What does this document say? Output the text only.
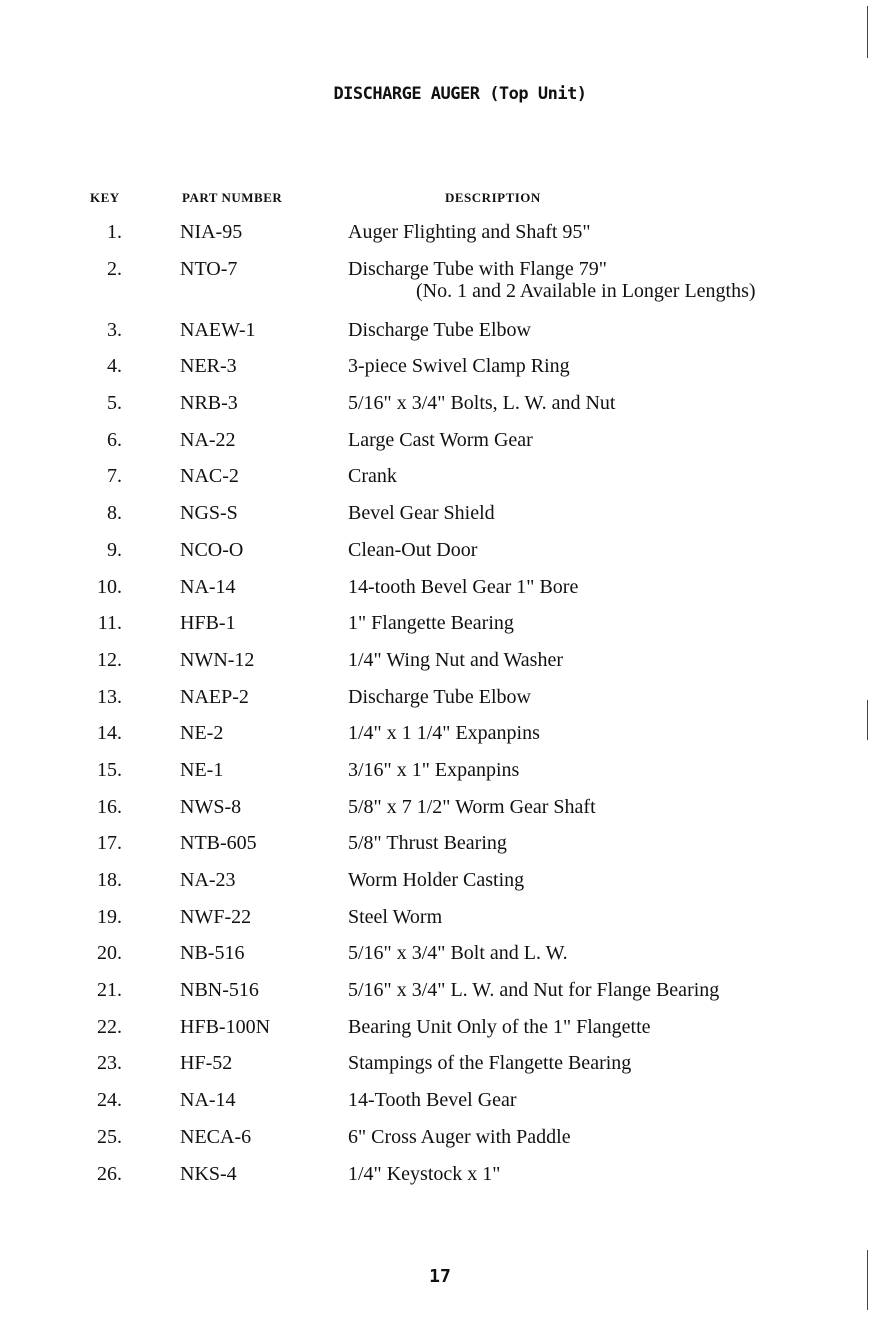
DISCHARGE AUGER (Top Unit)
KEY	PART NUMBER	DESCRIPTION
1.	NIA-95	Auger Flighting and Shaft 95"
2.	NTO-7	Discharge Tube with Flange 79"
(No. 1 and 2 Available in Longer Lengths)
3.	NAEW-1	Discharge Tube Elbow
4.	NER-3	3-piece Swivel Clamp Ring
5.	NRB-3	5/16" x 3/4" Bolts, L. W. and Nut
6.	NA-22	Large Cast Worm Gear
7.	NAC-2	Crank
8.	NGS-S	Bevel Gear Shield
9.	NCO-O	Clean-Out Door
10.	NA-14	14-tooth Bevel Gear 1" Bore
11.	HFB-1	1" Flangette Bearing
12.	NWN-12	1/4" Wing Nut and Washer
13.	NAEP-2	Discharge Tube Elbow
14.	NE-2	1/4" x 1 1/4" Expanpins
15.	NE-1	3/16" x 1" Expanpins
16.	NWS-8	5/8" x 7 1/2" Worm Gear Shaft
17.	NTB-605	5/8" Thrust Bearing
18.	NA-23	Worm Holder Casting
19.	NWF-22	Steel Worm
20.	NB-516	5/16" x 3/4" Bolt and L. W.
21.	NBN-516	5/16" x 3/4" L. W. and Nut for Flange Bearing
22.	HFB-100N	Bearing Unit Only of the 1" Flangette
23.	HF-52	Stampings of the Flangette Bearing
24.	NA-14	14-Tooth Bevel Gear
25.	NECA-6	6" Cross Auger with Paddle
26.	NKS-4	1/4" Keystock x 1"
17
